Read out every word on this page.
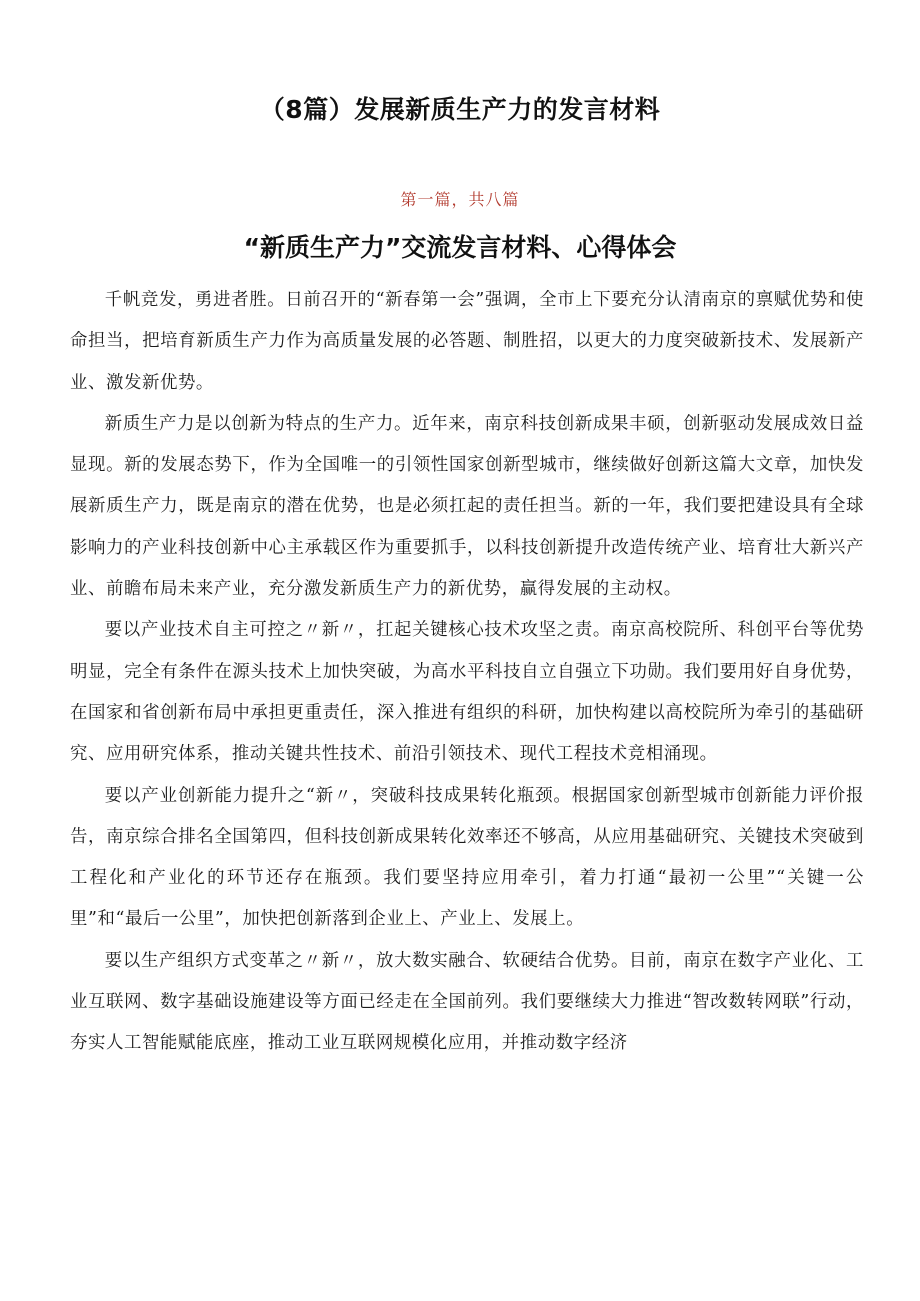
（8篇）发展新质生产力的发言材料
第一篇，共八篇
“新质生产力”交流发言材料、心得体会

千帆竞发，勇进者胜。日前召开的“新春第一会”强调，全市上下要充分认清南京的禀赋优势和使命担当，把培育新质生产力作为高质量发展的必答题、制胜招，以更大的力度突破新技术、发展新产业、激发新优势。

新质生产力是以创新为特点的生产力。近年来，南京科技创新成果丰硕，创新驱动发展成效日益显现。新的发展态势下，作为全国唯一的引领性国家创新型城市，继续做好创新这篇大文章，加快发展新质生产力，既是南京的潜在优势，也是必须扛起的责任担当。新的一年，我们要把建设具有全球影响力的产业科技创新中心主承载区作为重要抓手，以科技创新提升改造传统产业、培育壮大新兴产业、前瞻布局未来产业，充分激发新质生产力的新优势，赢得发展的主动权。

要以产业技术自主可控之〃新〃，扛起关键核心技术攻坚之责。南京高校院所、科创平台等优势明显，完全有条件在源头技术上加快突破，为高水平科技自立自强立下功勋。我们要用好自身优势，在国家和省创新布局中承担更重责任，深入推进有组织的科研，加快构建以高校院所为牵引的基础研究、应用研究体系，推动关键共性技术、前沿引领技术、现代工程技术竞相涌现。

要以产业创新能力提升之“新〃，突破科技成果转化瓶颈。根据国家创新型城市创新能力评价报告，南京综合排名全国第四，但科技创新成果转化效率还不够高，从应用基础研究、关键技术突破到工程化和产业化的环节还存在瓶颈。我们要坚持应用牵引，着力打通“最初一公里”“关键一公里”和“最后一公里”，加快把创新落到企业上、产业上、发展上。

要以生产组织方式变革之〃新〃，放大数实融合、软硬结合优势。目前，南京在数字产业化、工业互联网、数字基础设施建设等方面已经走在全国前列。我们要继续大力推进“智改数转网联”行动，夯实人工智能赋能底座，推动工业互联网规模化应用，并推动数字经济
